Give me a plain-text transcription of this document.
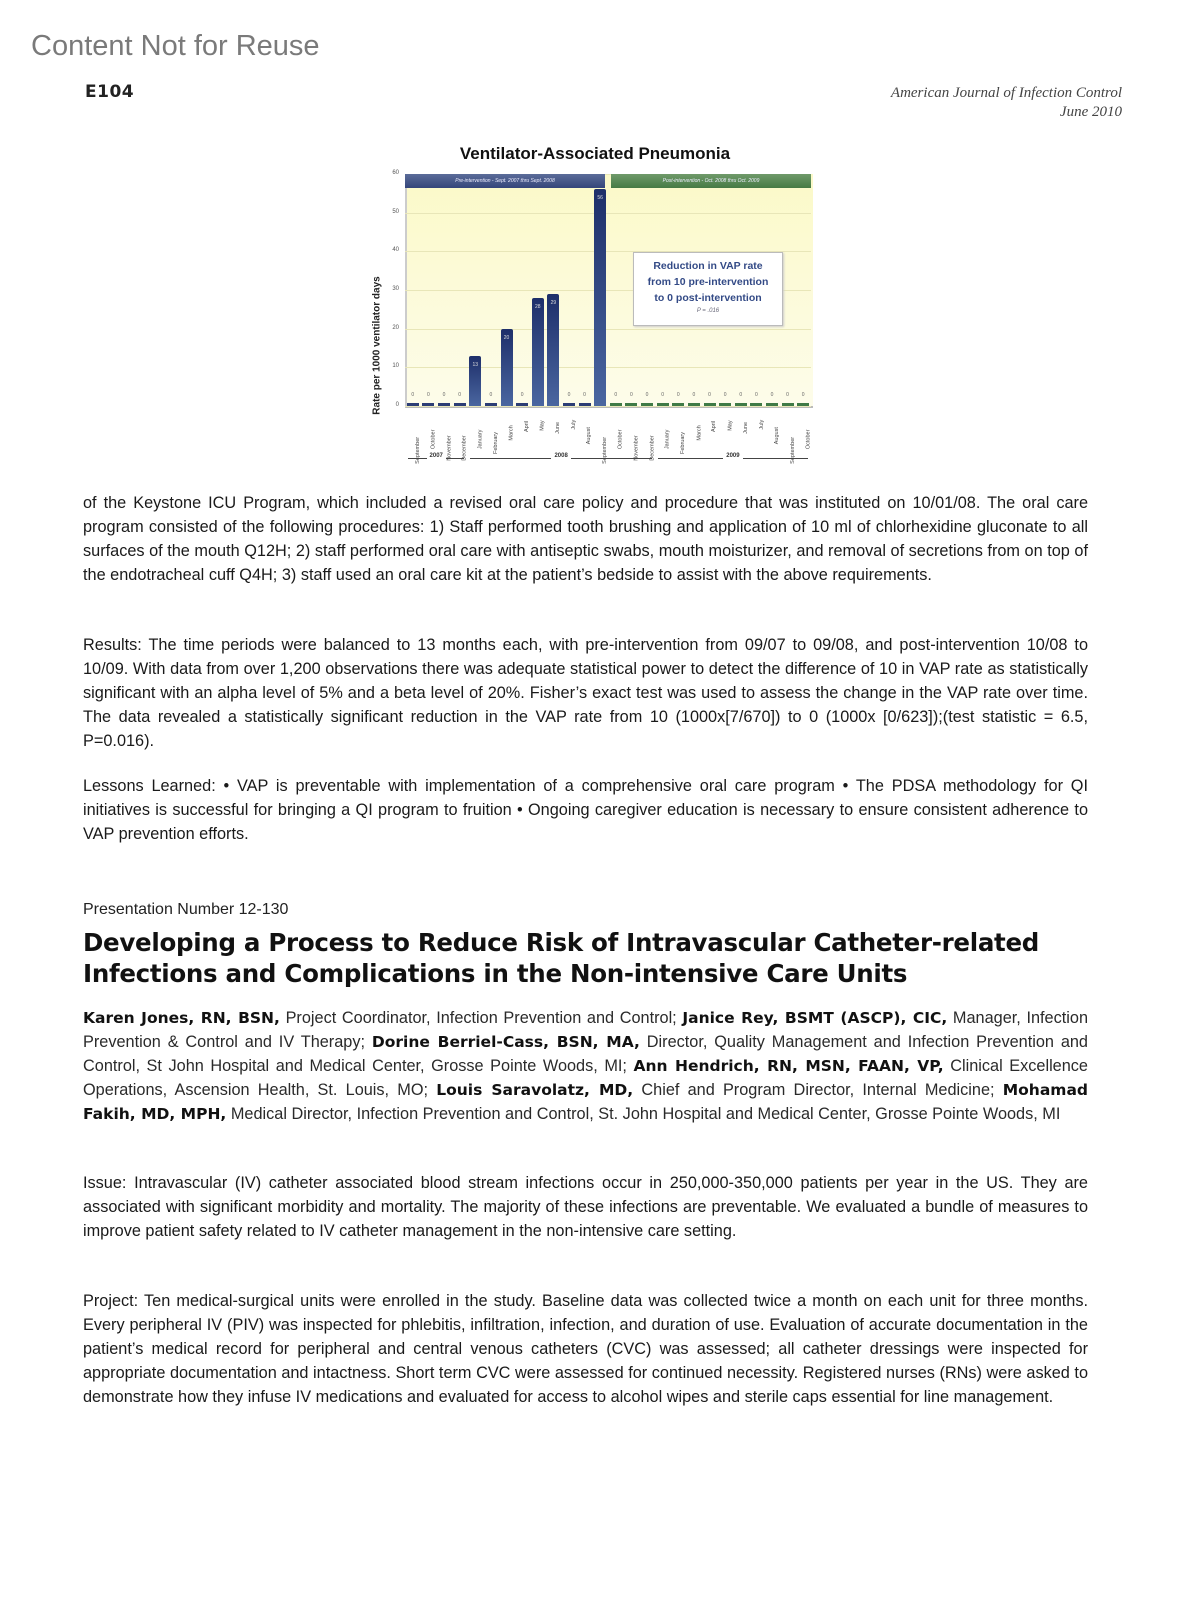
Content Not for Reuse
E104	American Journal of Infection Control
June 2010
Ventilator-Associated Pneumonia
Rate per 1000 ventilator days
Pre-intervention - Sept. 2007 thru Sept. 2008	Post-intervention - Oct. 2008 thru Oct. 2009
0	0	0	0
13
0
20
0
28
29
0	0
56
0	0	0	0	0	0	0	0	0	0	0	0	0
Reduction in VAP rate
from 10 pre-intervention
to 0 post-intervention
P = .016
0
10
20
30
40
50
60
September October November December January February March April May June July
August
September October November December January February March April May June July
August
September October
2007	2008	2009
of the Keystone ICU Program, which included a revised oral care policy and procedure that was instituted on 10/01/08. The oral care program consisted of the following procedures: 1) Staff performed tooth brushing and application of 10 ml of chlorhexidine gluconate to all surfaces of the mouth Q12H; 2) staff performed oral care with antiseptic swabs, mouth moisturizer, and removal of secretions from on top of the endotracheal cuff Q4H; 3) staff used an oral care kit at the patient’s bedside to assist with the above requirements.
Results: The time periods were balanced to 13 months each, with pre-intervention from 09/07 to 09/08, and post-intervention 10/08 to 10/09. With data from over 1,200 observations there was adequate statistical power to detect the difference of 10 in VAP rate as statistically significant with an alpha level of 5% and a beta level of 20%. Fisher’s exact test was used to assess the change in the VAP rate over time. The data revealed a statistically significant reduction in the VAP rate from 10 (1000x[7/670]) to 0 (1000x [0/623]);(test statistic = 6.5, P=0.016).
Lessons Learned: • VAP is preventable with implementation of a comprehensive oral care program • The PDSA methodology for QI initiatives is successful for bringing a QI program to fruition • Ongoing caregiver education is necessary to ensure consistent adherence to VAP prevention efforts.
Presentation Number 12-130
Developing a Process to Reduce Risk of Intravascular Catheter-related Infections and Complications in the Non-intensive Care Units
Karen Jones, RN, BSN, Project Coordinator, Infection Prevention and Control; Janice Rey, BSMT (ASCP), CIC, Manager, Infection Prevention & Control and IV Therapy; Dorine Berriel-Cass, BSN, MA, Director, Quality Management and Infection Prevention and Control, St John Hospital and Medical Center, Grosse Pointe Woods, MI; Ann Hendrich, RN, MSN, FAAN, VP, Clinical Excellence Operations, Ascension Health, St. Louis, MO; Louis Saravolatz, MD, Chief and Program Director, Internal Medicine; Mohamad Fakih, MD, MPH, Medical Director, Infection Prevention and Control, St. John Hospital and Medical Center, Grosse Pointe Woods, MI
Issue: Intravascular (IV) catheter associated blood stream infections occur in 250,000-350,000 patients per year in the US. They are associated with significant morbidity and mortality. The majority of these infections are preventable. We evaluated a bundle of measures to improve patient safety related to IV catheter management in the non-intensive care setting.
Project: Ten medical-surgical units were enrolled in the study. Baseline data was collected twice a month on each unit for three months. Every peripheral IV (PIV) was inspected for phlebitis, infiltration, infection, and duration of use. Evaluation of accurate documentation in the patient’s medical record for peripheral and central venous catheters (CVC) was assessed; all catheter dressings were inspected for appropriate documentation and intactness. Short term CVC were assessed for continued necessity. Registered nurses (RNs) were asked to demonstrate how they infuse IV medications and evaluated for access to alcohol wipes and sterile caps essential for line management.
